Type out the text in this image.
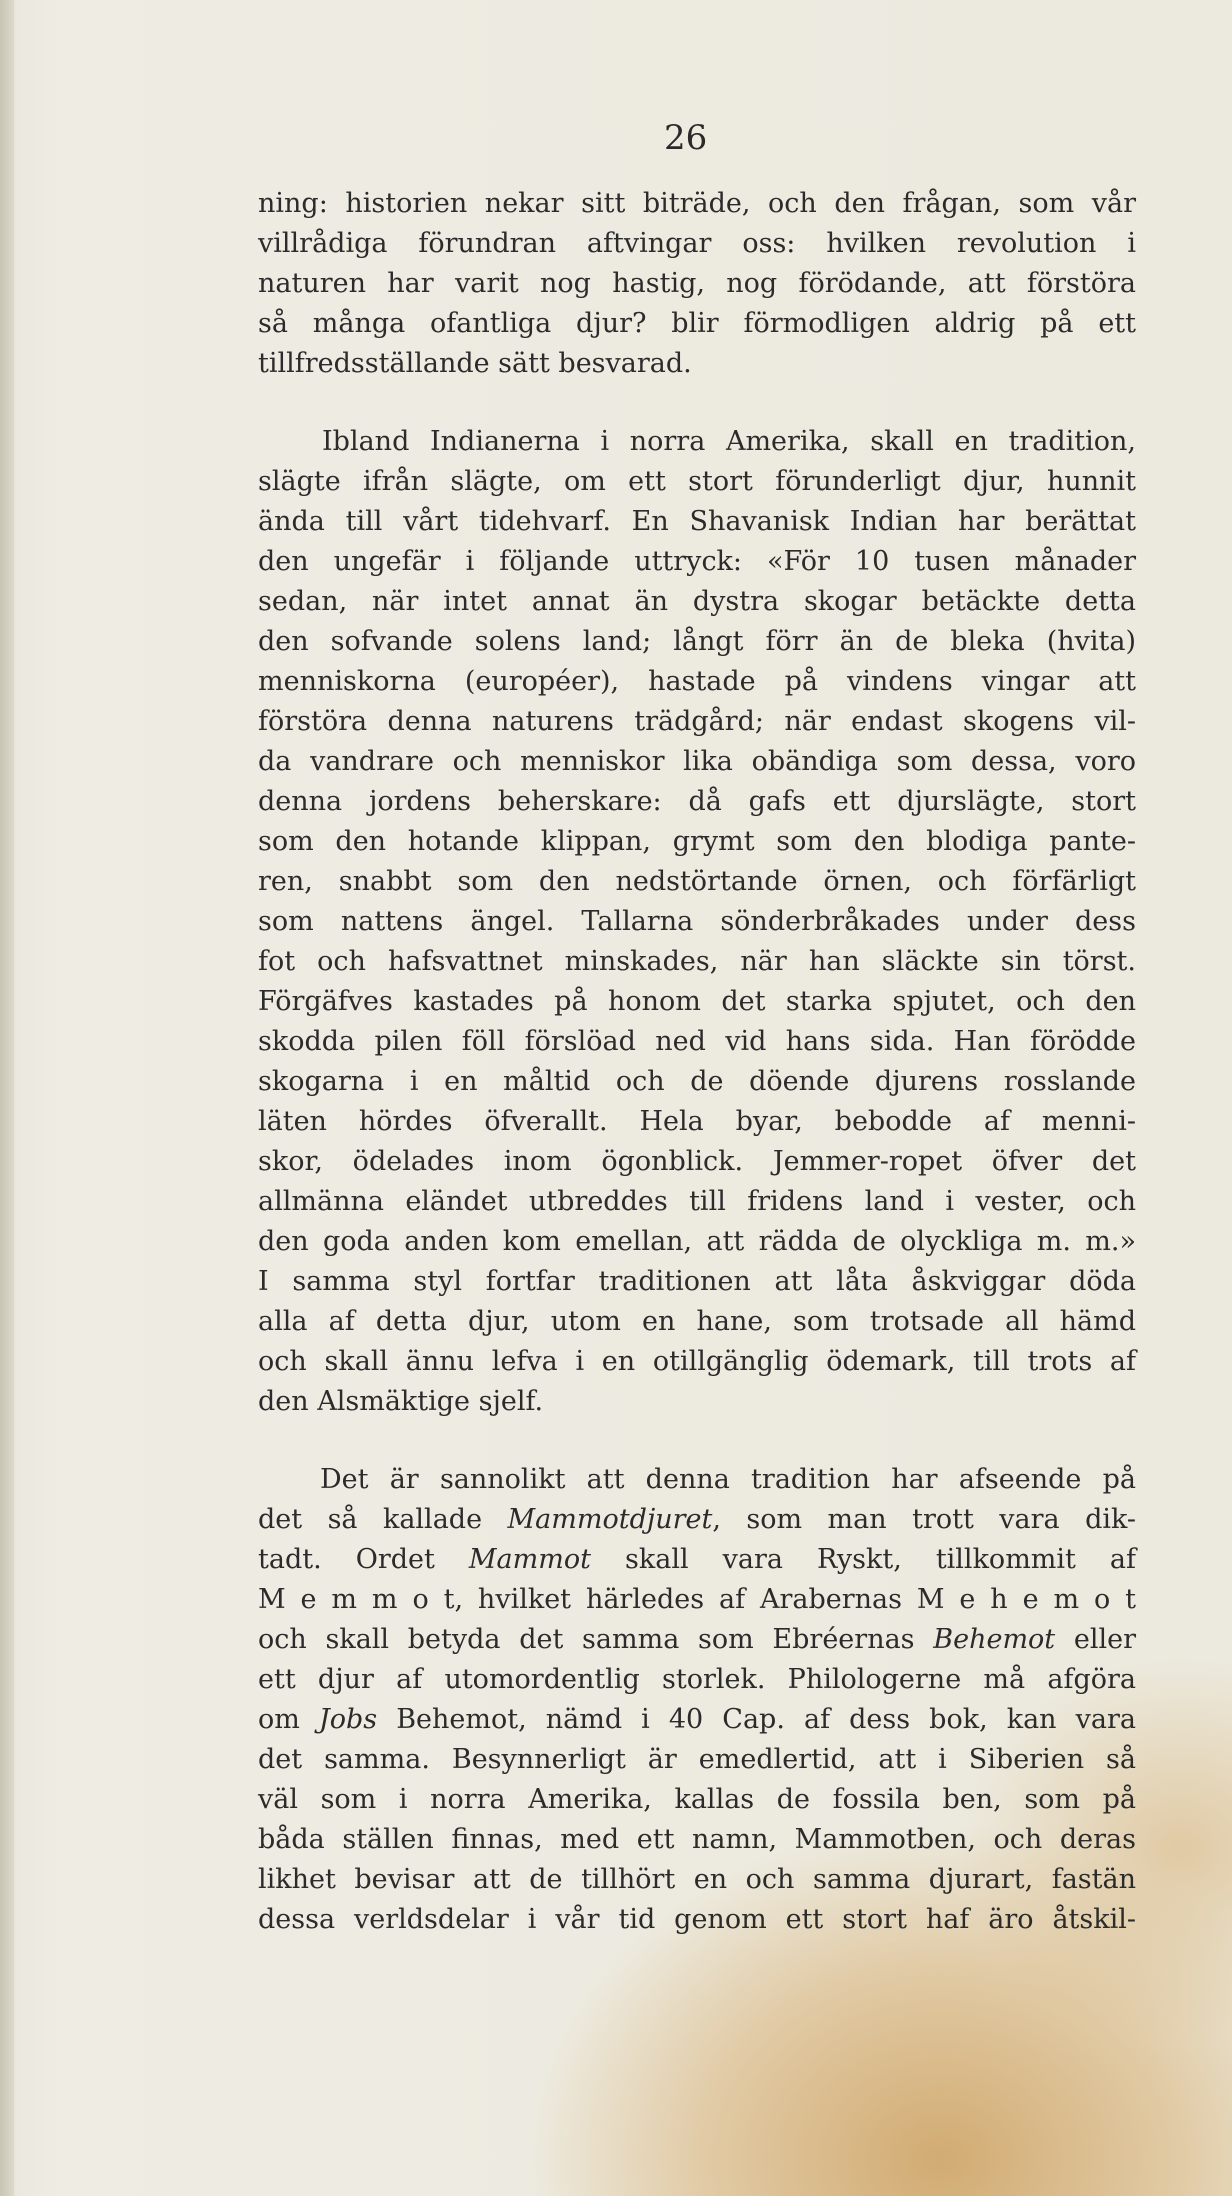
26

ning: historien nekar sitt biträde, och den frågan, som vår
villrådiga förundran aftvingar oss: hvilken revolution i
naturen har varit nog hastig, nog förödande, att förstöra
så många ofantliga djur? blir förmodligen aldrig på ett
tillfredsställande sätt besvarad.
Ibland Indianerna i norra Amerika, skall en tradition,
slägte ifrån slägte, om ett stort förunderligt djur, hunnit
ända till vårt tidehvarf. En Shavanisk Indian har berättat
den ungefär i följande uttryck: «För 10 tusen månader
sedan, när intet annat än dystra skogar betäckte detta
den sofvande solens land; långt förr än de bleka (hvita)
menniskorna (européer), hastade på vindens vingar att
förstöra denna naturens trädgård; när endast skogens vil-
da vandrare och menniskor lika obändiga som dessa, voro
denna jordens beherskare: då gafs ett djurslägte, stort
som den hotande klippan, grymt som den blodiga pante-
ren, snabbt som den nedstörtande örnen, och förfärligt
som nattens ängel. Tallarna sönderbråkades under dess
fot och hafsvattnet minskades, när han släckte sin törst.
Förgäfves kastades på honom det starka spjutet, och den
skodda pilen föll förslöad ned vid hans sida. Han förödde
skogarna i en måltid och de döende djurens rosslande
läten hördes öfverallt. Hela byar, bebodde af menni-
skor, ödelades inom ögonblick. Jemmer-ropet öfver det
allmänna eländet utbreddes till fridens land i vester, och
den goda anden kom emellan, att rädda de olyckliga m. m.»
I samma styl fortfar traditionen att låta åskviggar döda
alla af detta djur, utom en hane, som trotsade all hämd
och skall ännu lefva i en otillgänglig ödemark, till trots af
den Alsmäktige sjelf.
Det är sannolikt att denna tradition har afseende på
det så kallade Mammotdjuret, som man trott vara dik-
tadt. Ordet Mammot skall vara Ryskt, tillkommit af
M e m m o t, hvilket härledes af Arabernas M e h e m o t
och skall betyda det samma som Ebréernas Behemot eller
ett djur af utomordentlig storlek. Philologerne må afgöra
om Jobs Behemot, nämd i 40 Cap. af dess bok, kan vara
det samma. Besynnerligt är emedlertid, att i Siberien så
väl som i norra Amerika, kallas de fossila ben, som på
båda ställen finnas, med ett namn, Mammotben, och deras
likhet bevisar att de tillhört en och samma djurart, fastän
dessa verldsdelar i vår tid genom ett stort haf äro åtskil-
